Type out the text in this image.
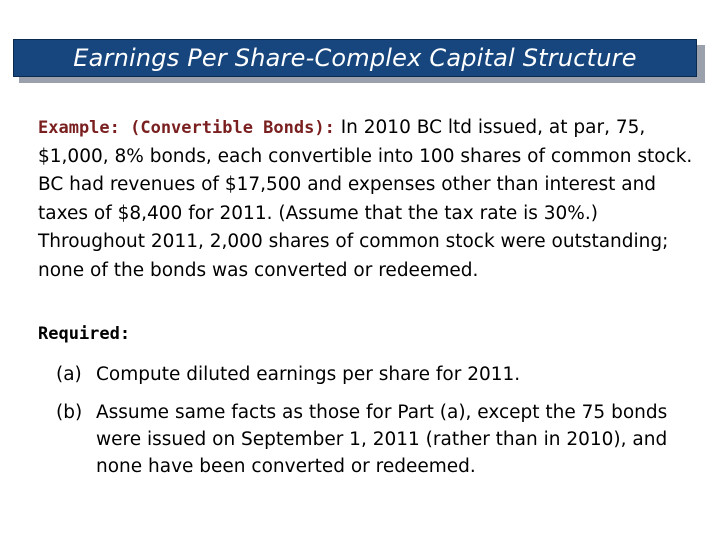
Earnings Per Share-Complex Capital Structure
Example: (Convertible Bonds): In 2010 BC ltd issued, at par, 75, $1,000, 8% bonds, each convertible into 100 shares of common stock. BC had revenues of $17,500 and expenses other than interest and taxes of $8,400 for 2011. (Assume that the tax rate is 30%.) Throughout 2011, 2,000 shares of common stock were outstanding; none of the bonds was converted or redeemed.
Required:
(a) Compute diluted earnings per share for 2011.
(b) Assume same facts as those for Part (a), except the 75 bonds were issued on September 1, 2011 (rather than in 2010), and none have been converted or redeemed.
